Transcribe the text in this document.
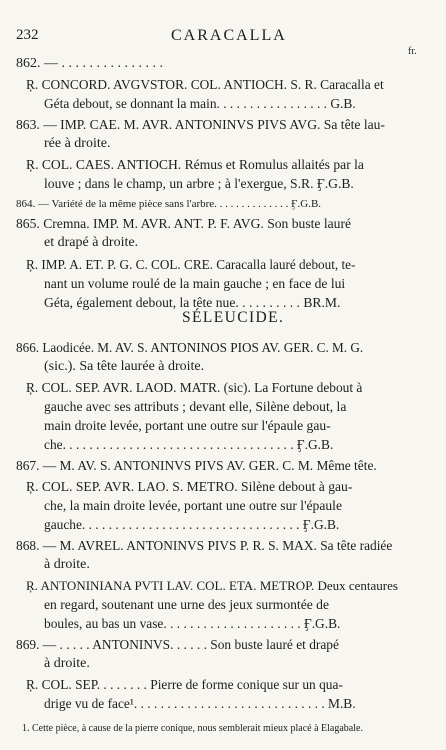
232	CARACALLA
fr.
862. — . . . . . . . . . . . . . . .
Ŗ. CONCORD. AVGVSTOR. COL. ANTIOCH. S. R. Caracalla et
Géta debout, se donnant la main. . . . . . . . . . . . . . . . . G.B.
863. — IMP. CAE. M. AVR. ANTONINVS PIVS AVG. Sa tête lau-
rée à droite.
Ŗ. COL. CAES. ANTIOCH. Rémus et Romulus allaités par la
louve ; dans le champ, un arbre ; à l'exergue, S.R. Ӻ.G.B.
864. — Variété de la même pièce sans l'arbre. . . . . . . . . . . . . . Ӻ.G.B.
865. Cremna. IMP. M. AVR. ANT. P. F. AVG. Son buste lauré
et drapé à droite.
Ŗ. IMP. A. ET. P. G. C. COL. CRE. Caracalla lauré debout, te-
nant un volume roulé de la main gauche ; en face de lui
Géta, également debout, la tête nue. . . . . . . . . . BR.M.
SÉLEUCIDE.
866. Laodicée. M. AV. S. ANTONINOS PIOS AV. GER. C. M. G.
(sic.). Sa tête laurée à droite.
Ŗ. COL. SEP. AVR. LAOD. MATR. (sic). La Fortune debout à
gauche avec ses attributs ; devant elle, Silène debout, la
main droite levée, portant une outre sur l'épaule gau-
che. . . . . . . . . . . . . . . . . . . . . . . . . . . . . . . . . . . Ӻ.G.B.
867. — M. AV. S. ANTONINVS PIVS AV. GER. C. M. Même tête.
Ŗ. COL. SEP. AVR. LAO. S. METRO. Silène debout à gau-
che, la main droite levée, portant une outre sur l'épaule
gauche. . . . . . . . . . . . . . . . . . . . . . . . . . . . . . . . . Ӻ.G.B.
868. — M. AVREL. ANTONINVS PIVS P. R. S. MAX. Sa tête radiée
à droite.
Ŗ. ANTONINIANA PVTI LAV. COL. ETA. METROP. Deux centaures
en regard, soutenant une urne des jeux surmontée de
boules, au bas un vase. . . . . . . . . . . . . . . . . . . . . Ӻ.G.B.
869. — . . . . . ANTONINVS. . . . . . Son buste lauré et drapé
à droite.
Ŗ. COL. SEP. . . . . . . . Pierre de forme conique sur un qua-
drige vu de face¹. . . . . . . . . . . . . . . . . . . . . . . . . . . . . M.B.
1. Cette pièce, à cause de la pierre conique, nous semblerait mieux placé à Elagabale.
